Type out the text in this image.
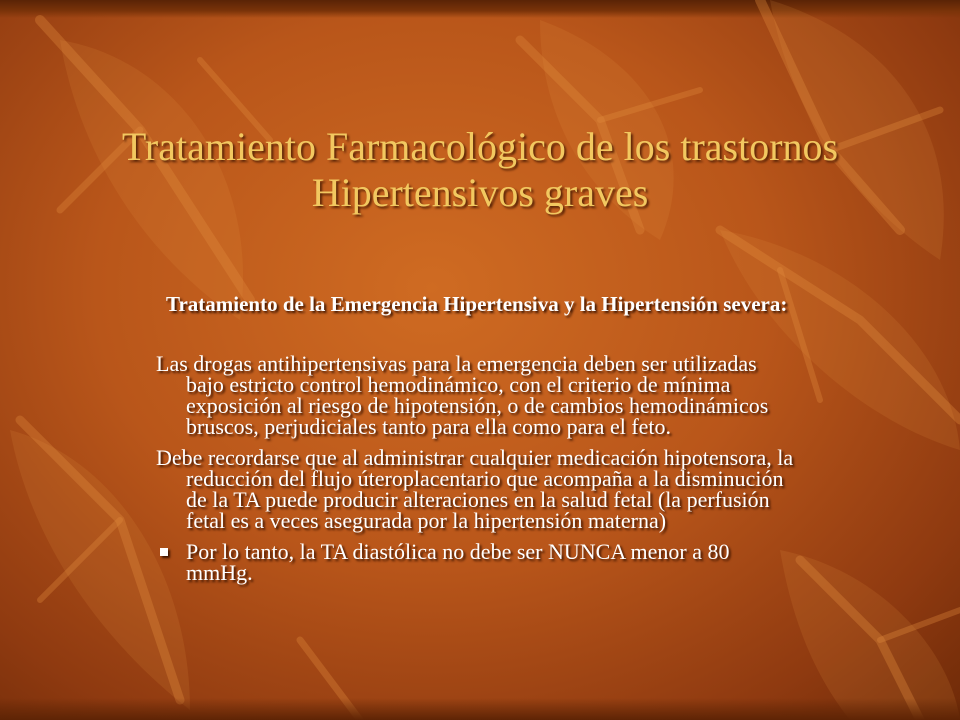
Tratamiento Farmacológico de los trastornos Hipertensivos graves
Tratamiento de la Emergencia Hipertensiva y la Hipertensión severa:
Las drogas antihipertensivas para la emergencia deben ser utilizadas bajo estricto control hemodinámico, con el criterio de mínima exposición al riesgo de hipotensión, o de cambios hemodinámicos bruscos, perjudiciales tanto para ella como para el feto.
Debe recordarse que al administrar cualquier medicación hipotensora, la reducción del flujo úteroplacentario que acompaña a la disminución de la TA puede producir alteraciones en la salud fetal (la perfusión fetal es a veces asegurada por la hipertensión materna)
Por lo tanto, la TA diastólica no debe ser NUNCA menor a 80 mmHg.
